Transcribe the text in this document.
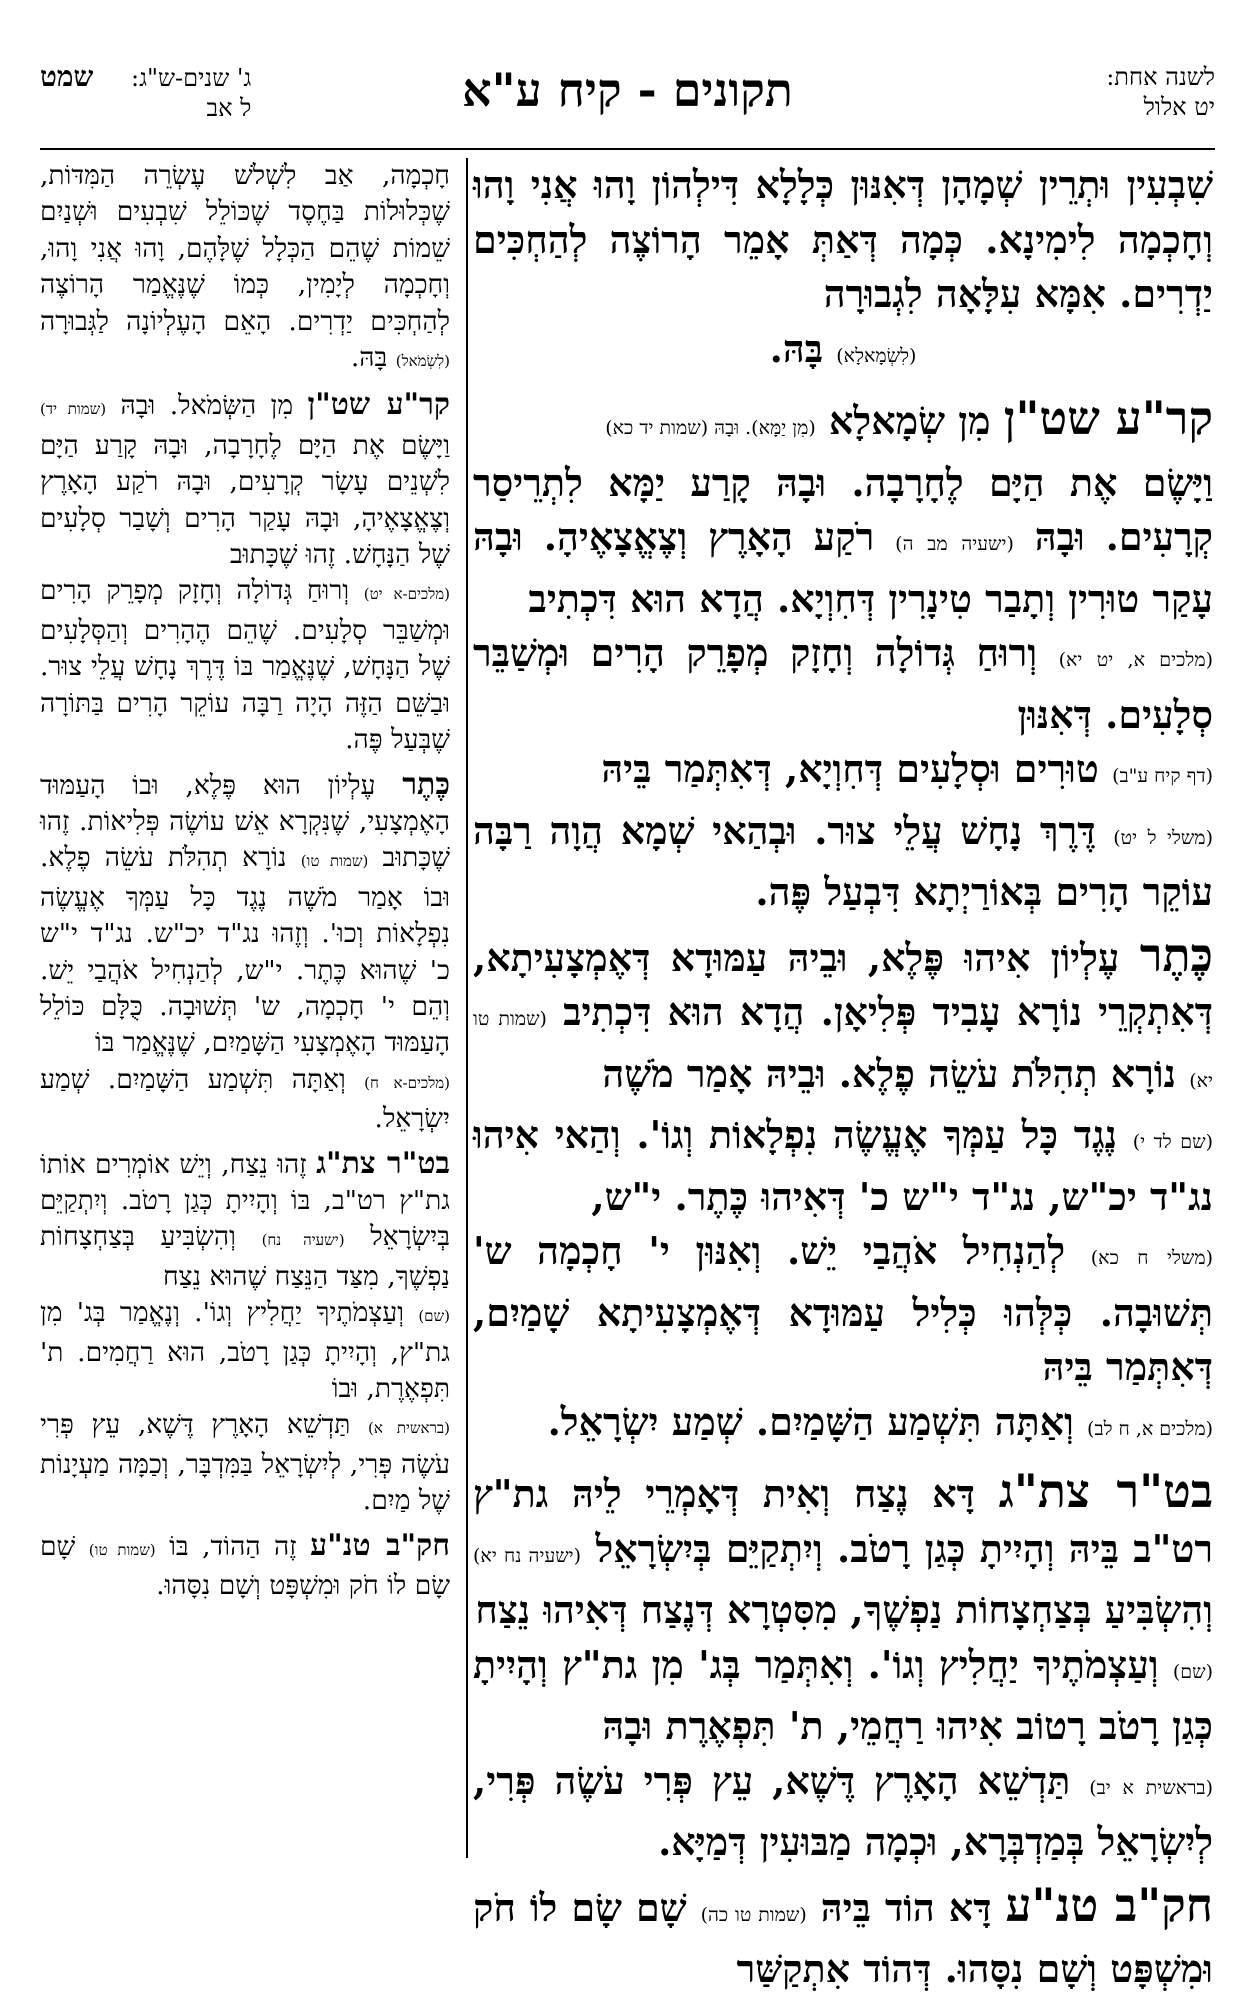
לשנה אחת:
יט אלול
תקונים - קיח ע"א
ג' שנים-ש"ג: שמט
ל אב

שִׁבְעִין וּתְרֵין שְׁמָהָן דְּאִנּוּן כְּלָלָא דִּילְהוֹן וָהוּ אֲנִי וָהוּ וְחָכְמָה לִימִינָא. כְּמָה דְּאַתְּ אָמֵר הָרוֹצֶה לְהַחְכִּים יַדְרִים. אִמָּא עִלָּאָה לִגְבוּרָה

(לִשְׂמָאלָא) בָּהּ.

קר"ע שט"ן מִן שְׂמָאלָא (מִן יַמָּא). וּבָהּ (שמות יד כא)

וַיָּשֶׂם אֶת הַיָּם לֶחָרָבָה. וּבָהּ קָרַע יַמָּא לִתְרֵיסַר קְרָעִים. וּבָהּ (ישעיה מב ה) רֹקַע הָאָרֶץ וְצֶאֱצָאֶיהָ. וּבָהּ עָקַר טוּרִין וְתָבַר טִינָרִין דְּחִוְיָא. הֲדָא הוּא דִּכְתִיב

(מלכים א, יט יא) וְרוּחַ גְּדוֹלָה וְחָזָק מְפָרֵק הָרִים וּמְשַׁבֵּר סְלָעִים. דְּאִנּוּן

(דף קיח ע"ב) טוּרִים וּסְלָעִים דְּחִוְיָא, דְּאִתְּמַר בֵּיהּ

(משלי ל יט) דֶּרֶךְ נָחָשׁ עֲלֵי צוּר. וּבְהַאי שְׁמָא הֲוָה רַבָּה עוֹקֵר הָרִים בְּאוֹרַיְתָא דִּבְעַל פֶּה.

כֶּתֶר עֶלְיוֹן אִיהוּ פֶּלֶא, וּבֵיהּ עַמּוּדָא דְּאֶמְצָעִיתָא, דְּאִתְקְרֵי נוֹרָא עָבִיד פְּלִיאָן. הֲדָא הוּא דִּכְתִיב (שמות טו יא) נוֹרָא תְהִלֹּת עֹשֵׂה פֶלֶא. וּבֵיהּ אָמַר מֹשֶׁה

(שם לד י) נֶגֶד כָּל עַמְּךָ אֶעֱשֶׂה נִפְלָאוֹת וְגוֹ'. וְהַאי אִיהוּ נג"ד יכ"ש, נג"ד י"ש כ' דְּאִיהוּ כֶּתֶר. י"ש,

(משלי ח כא) לְהַנְחִיל אֹהֲבַי יֵשׁ. וְאִנּוּן י' חָכְמָה ש' תְּשׁוּבָה. כְּלְּהוּ כְּלִיל עַמּוּדָא דְּאֶמְצָעִיתָא שָׁמַיִם, דְּאִתְּמַר בֵּיהּ

(מלכים א, ח לב) וְאַתָּה תִּשְׁמַע הַשָּׁמַיִם. שְׁמַע יִשְׂרָאֵל.

בט"ר צת"ג דָּא נֶצַח וְאִית דְּאָמְרֵי לֵיהּ גת"ץ רט"ב בֵּיהּ וְהָיִיתָ כְּגַן רָטֹב. וְיִתְקַיֵּם בְּיִשְׂרָאֵל (ישעיה נח יא) וְהִשְׂבִּיעַ בְּצַחְצָחוֹת נַפְשֶׁךָ, מִסִּטְרָא דְּנֶצַח דְּאִיהוּ נֵצַח

(שם) וְעַצְמֹתֶיךָ יַחֲלִיץ וְגוֹ'. וְאִתְּמַר בְּג' מִן גת"ץ וְהָיִיתָ כְּגַן רָטֹב רָטוֹב אִיהוּ רַחֲמֵי, ת' תִּפְאֶרֶת וּבָהּ

(בראשית א יב) תַּדְשֵׁא הָאָרֶץ דֶּשֶׁא, עֵץ פְּרִי עֹשֶׂה פְּרִי, לְיִשְׂרָאֵל בְּמַדְבְּרָא, וּכְמָה מַבּוּעִין דְּמַיָּא.

חק"ב טנ"ע דָּא הוֹד בֵּיהּ (שמות טו כה) שָׁם שָׂם לוֹ חֹק וּמִשְׁפָּט וְשָׁם נִסָּהוּ. דְּהוֹד אִתְקַשַּׁר

חָכְמָה, אַב לִשְׁלֹשׁ עֶשְׂרֵה הַמִּדּוֹת, שֶׁכְּלוּלוֹת בַּחֶסֶד שֶׁכּוֹלֵל שִׁבְעִים וּשְׁנַיִם שֵׁמוֹת שֶׁהֵם הַכְּלָל שֶׁלָּהֶם, וָהוּ אֲנִי וָהוּ, וְחָכְמָה לְיָמִין, כְּמוֹ שֶׁנֶּאֱמַר הָרוֹצֶה לְהַחְכִּים יַדְרִים. הָאֵם הָעֶלְיוֹנָה לַגְּבוּרָה (לִשְׂמֹאל) בָּהּ.

קר"ע שט"ן מִן הַשְּׂמֹאל. וּבָהּ (שמות יד) וַיָּשֶׂם אֶת הַיָּם לֶחָרָבָה, וּבָהּ קָרַע הַיָּם לִשְׁנֵים עָשָׂר קְרָעִים, וּבָהּ רֹקַע הָאָרֶץ וְצֶאֱצָאֶיהָ, וּבָהּ עָקַר הָרִים וְשָׁבַר סְלָעִים שֶׁל הַנָּחָשׁ. זֶהוּ שֶׁכָּתוּב

(מלכים-א יט) וְרוּחַ גְּדוֹלָה וְחָזָק מְפָרֵק הָרִים וּמְשַׁבֵּר סְלָעִים. שֶׁהֵם הֶהָרִים וְהַסְּלָעִים שֶׁל הַנָּחָשׁ, שֶׁנֶּאֱמַר בּוֹ דֶּרֶךְ נָחָשׁ עֲלֵי צוּר. וּבַשֵּׁם הַזֶּה הָיָה רַבָּה עוֹקֵר הָרִים בַּתּוֹרָה שֶׁבְּעַל פֶּה.

כֶּתֶר עֶלְיוֹן הוּא פֶּלֶא, וּבוֹ הָעַמּוּד הָאֶמְצָעִי, שֶׁנִּקְרָא אֵשׁ עוֹשֶׂה פְּלִיאוֹת. זֶהוּ שֶׁכָּתוּב (שמות טו) נוֹרָא תְהִלֹּת עֹשֵׂה פֶלֶא. וּבוֹ אָמַר מֹשֶׁה נֶגֶד כָּל עַמְּךָ אֶעֱשֶׂה נִפְלָאוֹת וְכוּ'. וְזֶהוּ נג"ד יכ"ש. נג"ד י"ש כ' שֶׁהוּא כֶּתֶר. י"ש, לְהַנְחִיל אֹהֲבַי יֵשׁ. וְהֵם י' חָכְמָה, ש' תְּשׁוּבָה. כֻּלָּם כּוֹלֵל הָעַמּוּד הָאֶמְצָעִי הַשָּׁמַיִם, שֶׁנֶּאֱמַר בּוֹ

(מלכים-א ח) וְאַתָּה תִּשְׁמַע הַשָּׁמַיִם. שְׁמַע יִשְׂרָאֵל.

בט"ר צת"ג זֶהוּ נֵצַח, וְיֵשׁ אוֹמְרִים אוֹתוֹ גת"ץ רט"ב, בּוֹ וְהָיִיתָ כְּגַן רָטֹב. וְיִתְקַיֵּם בְּיִשְׂרָאֵל (ישעיה נח) וְהִשְׂבִּיעַ בְּצַחְצָחוֹת נַפְשֶׁךָ, מִצַּד הַנֵּצַח שֶׁהוּא נֵצַח

(שם) וְעַצְמֹתֶיךָ יַחֲלִיץ וְגוֹ'. וְנֶאֱמַר בְּג' מִן גת"ץ, וְהָיִיתָ כְּגַן רָטֹב, הוּא רַחֲמִים. ת' תִּפְאֶרֶת, וּבוֹ

(בראשית א) תַּדְשֵׁא הָאָרֶץ דֶּשֶׁא, עֵץ פְּרִי עֹשֶׂה פְּרִי, לְיִשְׂרָאֵל בַּמִּדְבָּר, וְכַמָּה מַעְיָנוֹת שֶׁל מַיִם.

חק"ב טנ"ע זֶה הַהוֹד, בּוֹ (שמות טו) שָׁם שָׂם לוֹ חֹק וּמִשְׁפָּט וְשָׁם נִסָּהוּ.
